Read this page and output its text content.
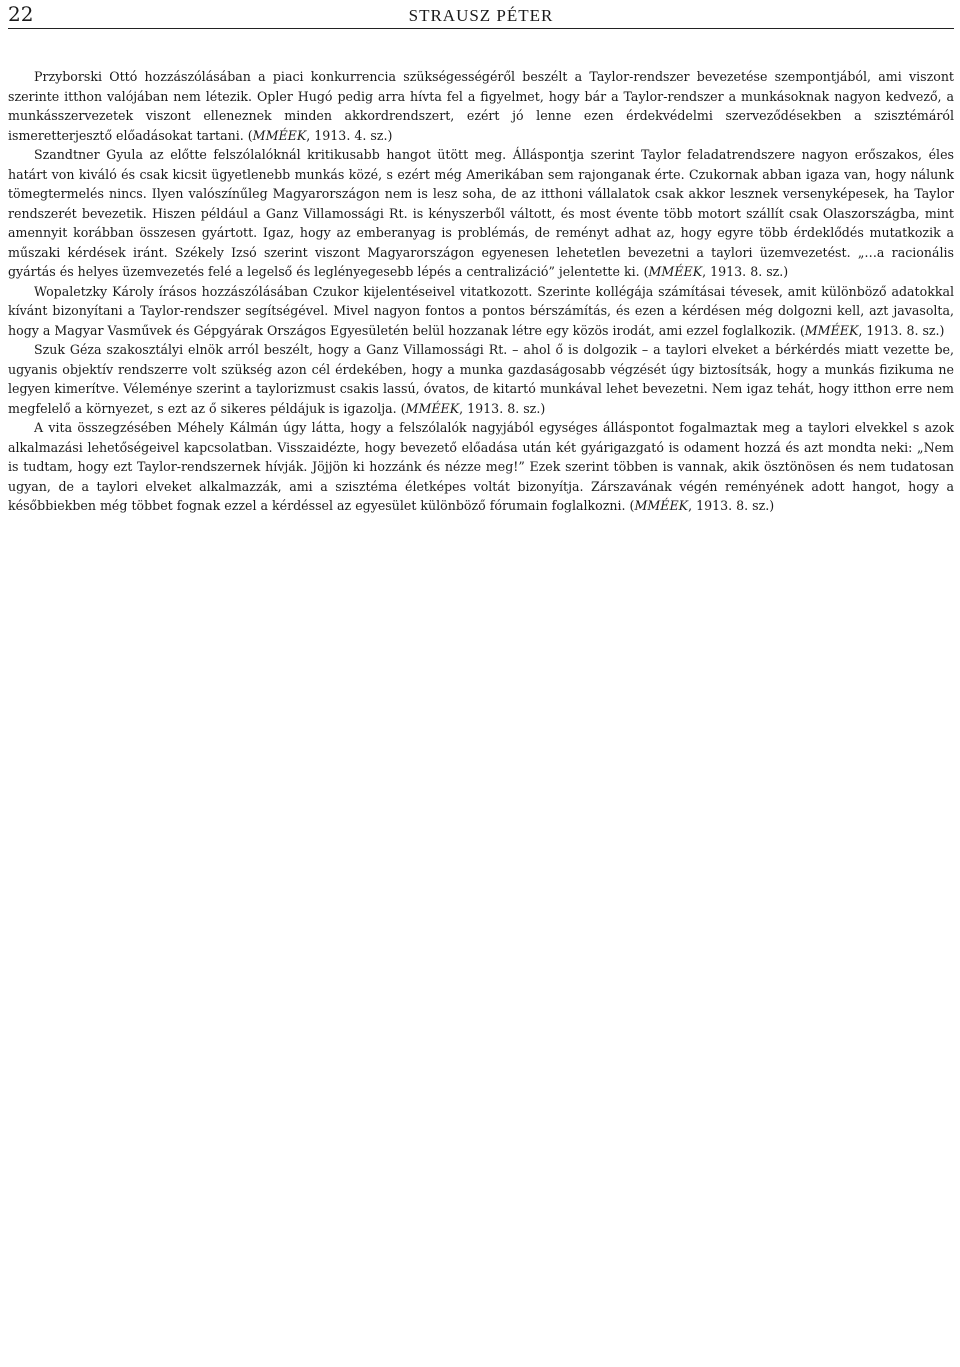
22	STRAUSZ PÉTER

Przyborski Ottó hozzászólásában a piaci konkurrencia szükségességéről beszélt a Taylor-rendszer bevezetése szempontjából, ami viszont szerinte itthon valójában nem létezik. Opler Hugó pedig arra hívta fel a figyelmet, hogy bár a Taylor-rendszer a munkásoknak nagyon kedvező, a munkásszervezetek viszont elleneznek minden akkordrendszert, ezért jó lenne ezen érdekvédelmi szerveződésekben a szisztémáról ismeretterjesztő előadásokat tartani. (MMÉEK, 1913. 4. sz.)

Szandtner Gyula az előtte felszólalóknál kritikusabb hangot ütött meg. Álláspontja szerint Taylor feladatrendszere nagyon erőszakos, éles határt von kiváló és csak kicsit ügyetlenebb munkás közé, s ezért még Amerikában sem rajonganak érte. Czukornak abban igaza van, hogy nálunk tömegtermelés nincs. Ilyen valószínűleg Magyarországon nem is lesz soha, de az itthoni vállalatok csak akkor lesznek versenyképesek, ha Taylor rendszerét bevezetik. Hiszen például a Ganz Villamossági Rt. is kényszerből váltott, és most évente több motort szállít csak Olaszországba, mint amennyit korábban összesen gyártott. Igaz, hogy az emberanyag is problémás, de reményt adhat az, hogy egyre több érdeklődés mutatkozik a műszaki kérdések iránt. Székely Izsó szerint viszont Magyarországon egyenesen lehetetlen bevezetni a taylori üzemvezetést. „…a racionális gyártás és helyes üzemvezetés felé a legelső és leglényegesebb lépés a centralizáció” jelentette ki. (MMÉEK, 1913. 8. sz.)

Wopaletzky Károly írásos hozzászólásában Czukor kijelentéseivel vitatkozott. Szerinte kollégája számításai tévesek, amit különböző adatokkal kívánt bizonyítani a Taylor-rendszer segítségével. Mivel nagyon fontos a pontos bérszámítás, és ezen a kérdésen még dolgozni kell, azt javasolta, hogy a Magyar Vasművek és Gépgyárak Országos Egyesületén belül hozzanak létre egy közös irodát, ami ezzel foglalkozik. (MMÉEK, 1913. 8. sz.)

Szuk Géza szakosztályi elnök arról beszélt, hogy a Ganz Villamossági Rt. – ahol ő is dolgozik – a taylori elveket a bérkérdés miatt vezette be, ugyanis objektív rendszerre volt szükség azon cél érdekében, hogy a munka gazdaságosabb végzését úgy biztosítsák, hogy a munkás fizikuma ne legyen kimerítve. Véleménye szerint a taylorizmust csakis lassú, óvatos, de kitartó munkával lehet bevezetni. Nem igaz tehát, hogy itthon erre nem megfelelő a környezet, s ezt az ő sikeres példájuk is igazolja. (MMÉEK, 1913. 8. sz.)

A vita összegzésében Méhely Kálmán úgy látta, hogy a felszólalók nagyjából egységes álláspontot fogalmaztak meg a taylori elvekkel s azok alkalmazási lehetőségeivel kapcsolatban. Visszaidézte, hogy bevezető előadása után két gyárigazgató is odament hozzá és azt mondta neki: „Nem is tudtam, hogy ezt Taylor-rendszernek hívják. Jöjjön ki hozzánk és nézze meg!” Ezek szerint többen is vannak, akik ösztönösen és nem tudatosan ugyan, de a taylori elveket alkalmazzák, ami a szisztéma életképes voltát bizonyítja. Zárszavának végén reményének adott hangot, hogy a későbbiekben még többet fognak ezzel a kérdéssel az egyesület különböző fórumain foglalkozni. (MMÉEK, 1913. 8. sz.)
